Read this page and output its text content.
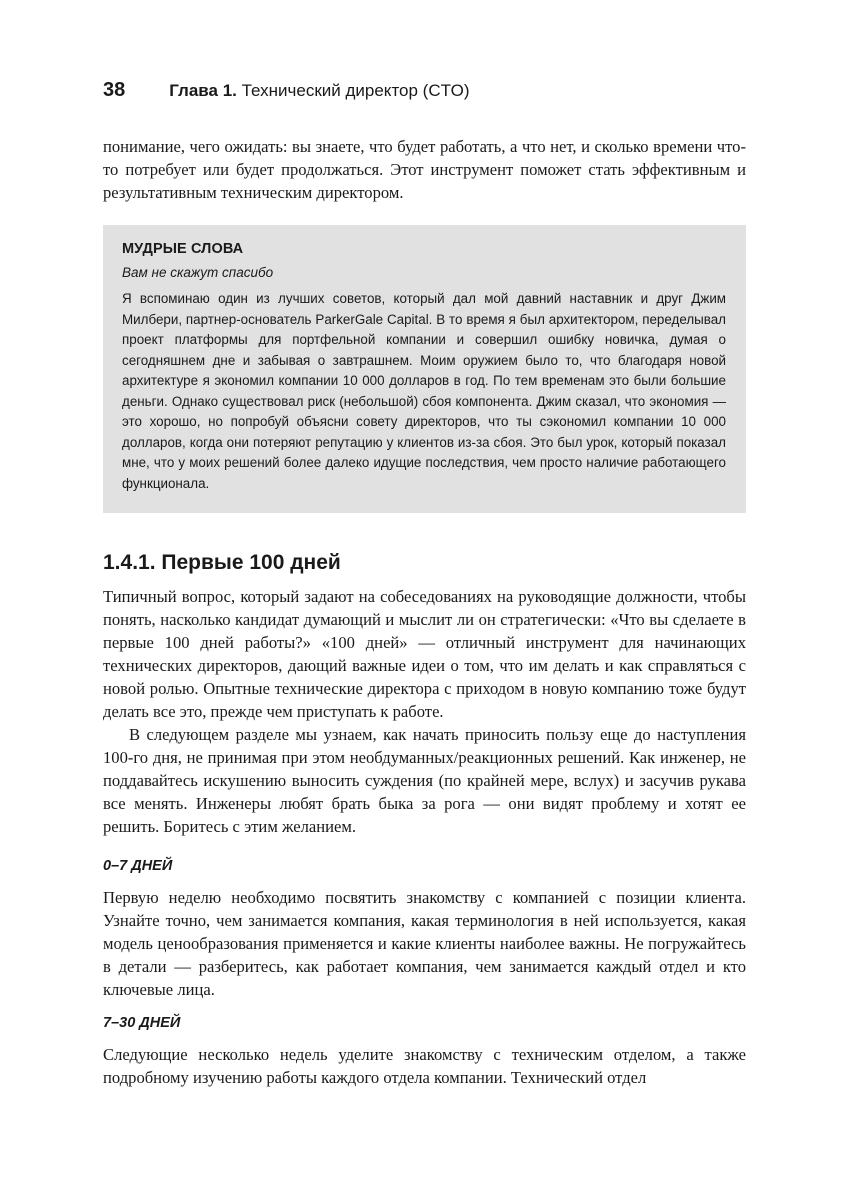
38	Глава 1. Технический директор (CTO)

понимание, чего ожидать: вы знаете, что будет работать, а что нет, и сколько времени что-то потребует или будет продолжаться. Этот инструмент поможет стать эффективным и результативным техническим директором.

МУДРЫЕ СЛОВА

Вам не скажут спасибо

Я вспоминаю один из лучших советов, который дал мой давний наставник и друг Джим Милбери, партнер-основатель ParkerGale Capital. В то время я был архитектором, переделывал проект платформы для портфельной компании и совершил ошибку новичка, думая о сегодняшнем дне и забывая о завтрашнем. Моим оружием было то, что благодаря новой архитектуре я экономил компании 10 000 долларов в год. По тем временам это были большие деньги. Однако существовал риск (небольшой) сбоя компонента. Джим сказал, что экономия — это хорошо, но попробуй объясни совету директоров, что ты сэкономил компании 10 000 долларов, когда они потеряют репутацию у клиентов из-за сбоя. Это был урок, который показал мне, что у моих решений более далеко идущие последствия, чем просто наличие работающего функционала.

1.4.1. Первые 100 дней

Типичный вопрос, который задают на собеседованиях на руководящие должности, чтобы понять, насколько кандидат думающий и мыслит ли он стратегически: «Что вы сделаете в первые 100 дней работы?» «100 дней» — отличный инструмент для начинающих технических директоров, дающий важные идеи о том, что им делать и как справляться с новой ролью. Опытные технические директора с приходом в новую компанию тоже будут делать все это, прежде чем приступать к работе.

В следующем разделе мы узнаем, как начать приносить пользу еще до наступления 100-го дня, не принимая при этом необдуманных/реакционных решений. Как инженер, не поддавайтесь искушению выносить суждения (по крайней мере, вслух) и засучив рукава все менять. Инженеры любят брать быка за рога — они видят проблему и хотят ее решить. Боритесь с этим желанием.

0–7 ДНЕЙ

Первую неделю необходимо посвятить знакомству с компанией с позиции клиента. Узнайте точно, чем занимается компания, какая терминология в ней используется, какая модель ценообразования применяется и какие клиенты наиболее важны. Не погружайтесь в детали — разберитесь, как работает компания, чем занимается каждый отдел и кто ключевые лица.

7–30 ДНЕЙ

Следующие несколько недель уделите знакомству с техническим отделом, а также подробному изучению работы каждого отдела компании. Технический отдел
